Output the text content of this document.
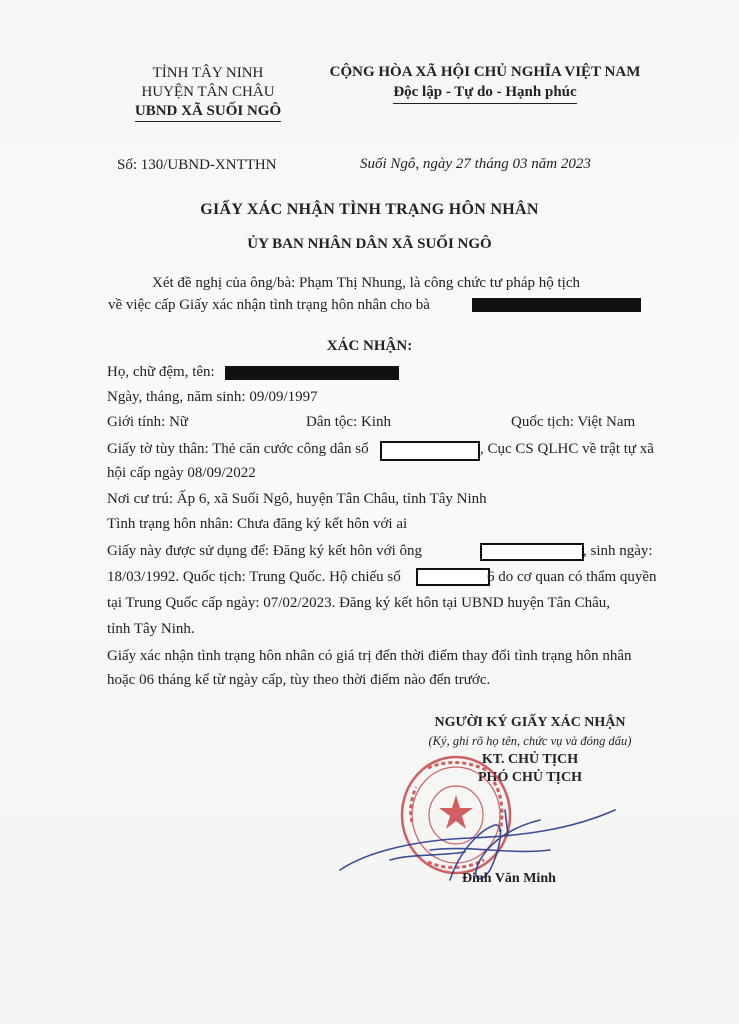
TỈNH TÂY NINH
HUYỆN TÂN CHÂU
UBND XÃ SUỐI NGÔ
CỘNG HÒA XÃ HỘI CHỦ NGHĨA VIỆT NAM
Độc lập - Tự do - Hạnh phúc
Số: 130/UBND-XNTTHN	Suối Ngô, ngày 27 tháng 03 năm 2023
GIẤY XÁC NHẬN TÌNH TRẠNG HÔN NHÂN
ỦY BAN NHÂN DÂN XÃ SUỐI NGÔ
Xét đề nghị của ông/bà: Phạm Thị Nhung, là công chức tư pháp hộ tịch
về việc cấp Giấy xác nhận tình trạng hôn nhân cho bà
XÁC NHẬN:
Họ, chữ đệm, tên:
Ngày, tháng, năm sinh: 09/09/1997
Giới tính: Nữ	Dân tộc: Kinh	Quốc tịch: Việt Nam
Giấy tờ tùy thân: Thẻ căn cước công dân số	, Cục CS QLHC về trật tự xã
hội cấp ngày 08/09/2022
Nơi cư trú: Ấp 6, xã Suối Ngô, huyện Tân Châu, tỉnh Tây Ninh
Tình trạng hôn nhân: Chưa đăng ký kết hôn với ai
Giấy này được sử dụng để: Đăng ký kết hôn với ông	, sinh ngày:
18/03/1992. Quốc tịch: Trung Quốc. Hộ chiếu số	6 do cơ quan có thẩm quyền
tại Trung Quốc cấp ngày: 07/02/2023. Đăng ký kết hôn tại UBND huyện Tân Châu,
tỉnh Tây Ninh.
Giấy xác nhận tình trạng hôn nhân có giá trị đến thời điểm thay đổi tình trạng hôn nhân
hoặc 06 tháng kể từ ngày cấp, tùy theo thời điểm nào đến trước.
NGƯỜI KÝ GIẤY XÁC NHẬN
(Ký, ghi rõ họ tên, chức vụ và đóng dấu)
KT. CHỦ TỊCH
PHÓ CHỦ TỊCH
Đinh Văn Minh
